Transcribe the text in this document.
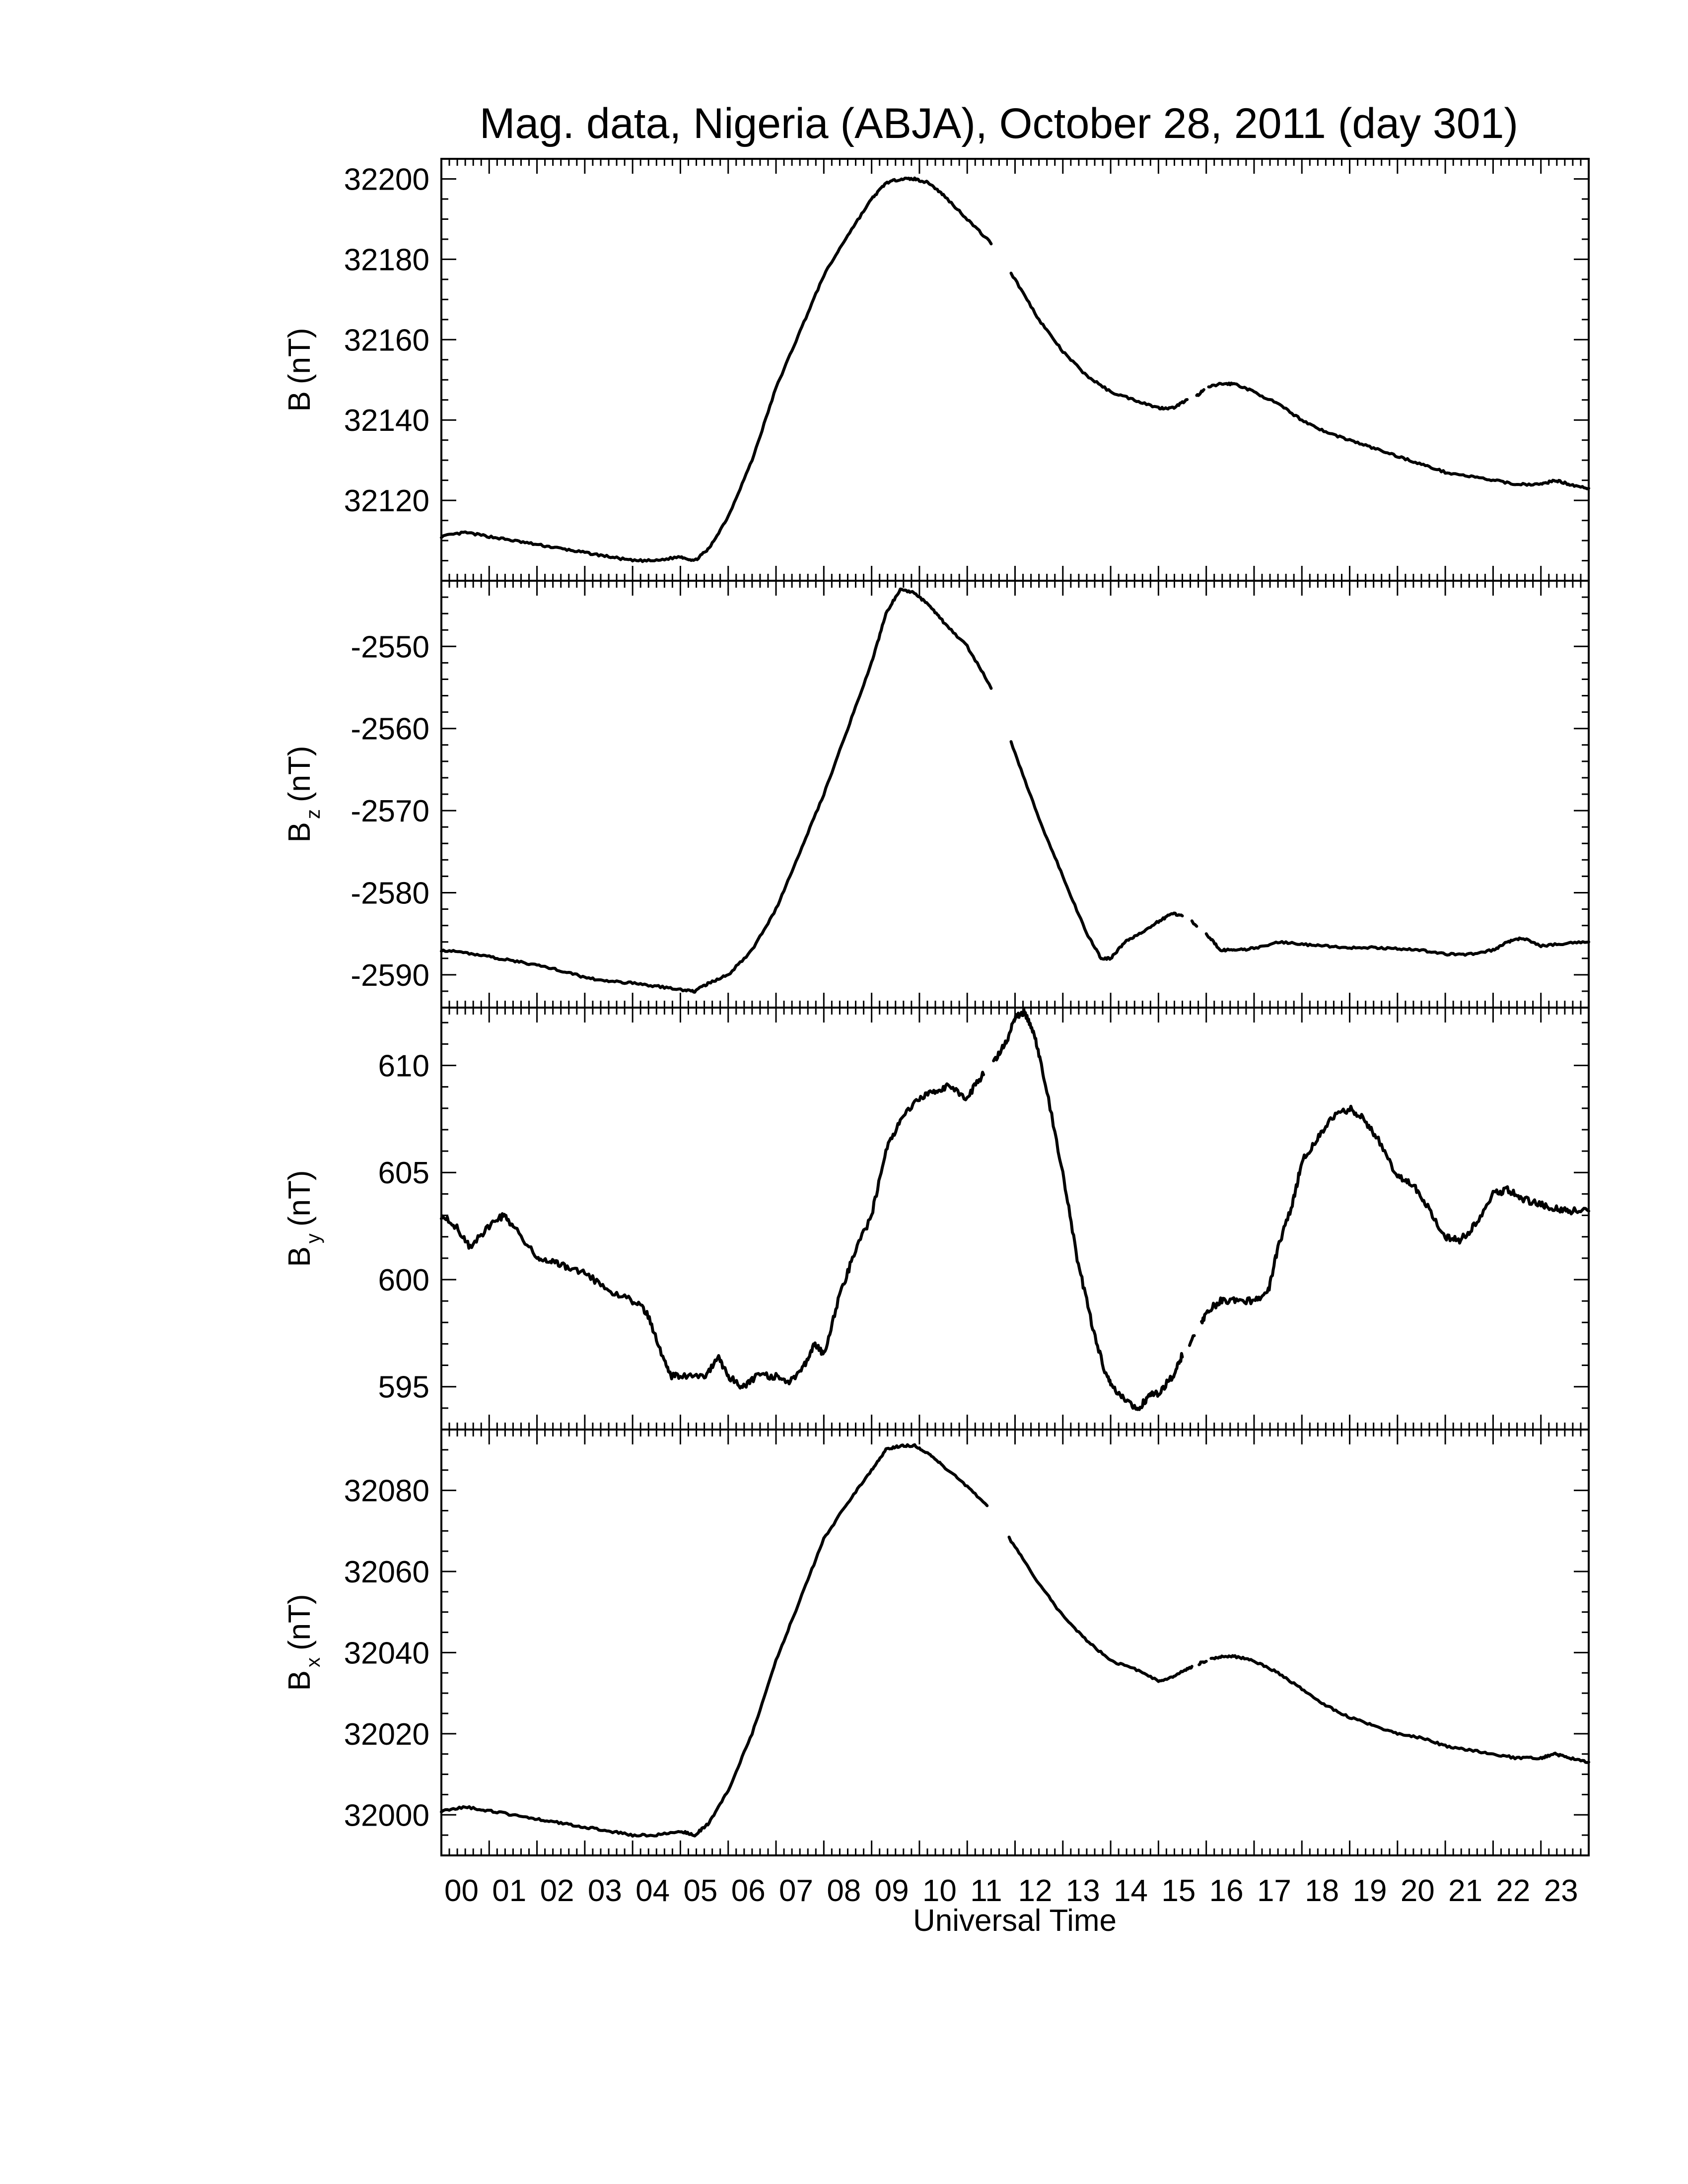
Mag. data, Nigeria (ABJA), October 28, 2011 (day 301)
32120
32140
32160
32180
32200
B(nT)
-2590
-2580
-2570
-2560
-2550
$B_z(nT)$
595
600
605
610
$B_y(nT)$
32000
32020
32040
32060
32080
$B_x(nT)$
00 01 02 03 04 05 06 07 08 09 10 11 12 13 14 15 16 17 18 19 20 21 22 23
Universal Time
